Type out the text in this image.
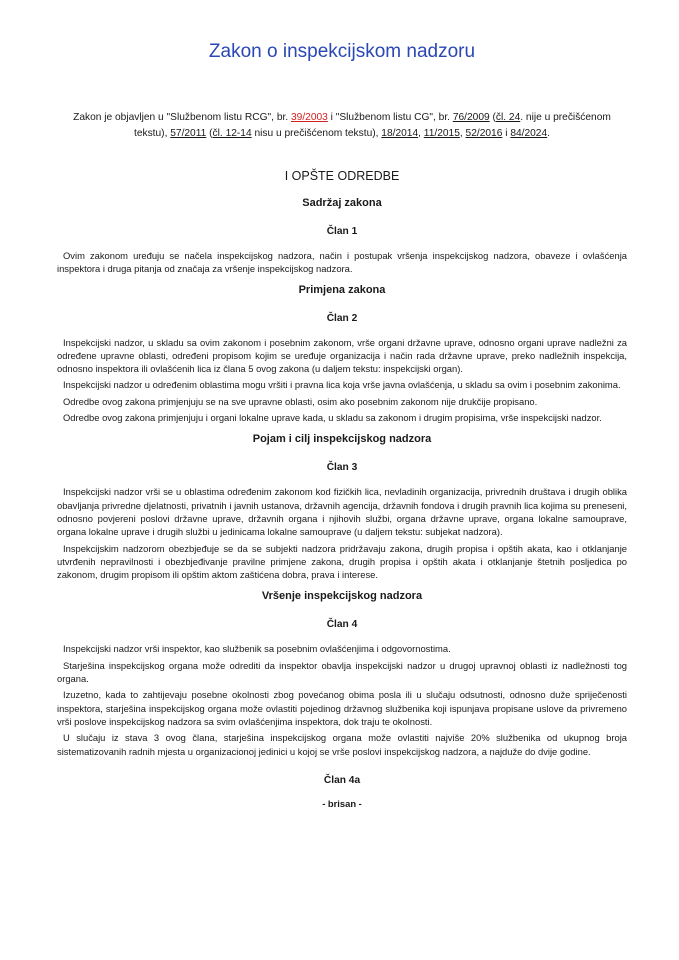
Zakon o inspekcijskom nadzoru

Zakon je objavljen u "Službenom listu RCG", br. 39/2003 i "Službenom listu CG", br. 76/2009 (čl. 24. nije u prečišćenom tekstu), 57/2011 (čl. 12-14 nisu u prečišćenom tekstu), 18/2014, 11/2015, 52/2016 i 84/2024.

I OPŠTE ODREDBE

Sadržaj zakona

Član 1

Ovim zakonom uređuju se načela inspekcijskog nadzora, način i postupak vršenja inspekcijskog nadzora, obaveze i ovlašćenja inspektora i druga pitanja od značaja za vršenje inspekcijskog nadzora.

Primjena zakona

Član 2

Inspekcijski nadzor, u skladu sa ovim zakonom i posebnim zakonom, vrše organi državne uprave, odnosno organi uprave nadležni za određene upravne oblasti, određeni propisom kojim se uređuje organizacija i način rada državne uprave, preko nadležnih inspekcija, odnosno inspektora ili ovlašćenih lica iz člana 5 ovog zakona (u daljem tekstu: inspekcijski organ).

Inspekcijski nadzor u određenim oblastima mogu vršiti i pravna lica koja vrše javna ovlašćenja, u skladu sa ovim i posebnim zakonima.

Odredbe ovog zakona primjenjuju se na sve upravne oblasti, osim ako posebnim zakonom nije drukčije propisano.

Odredbe ovog zakona primjenjuju i organi lokalne uprave kada, u skladu sa zakonom i drugim propisima, vrše inspekcijski nadzor.

Pojam i cilj inspekcijskog nadzora

Član 3

Inspekcijski nadzor vrši se u oblastima određenim zakonom kod fizičkih lica, nevladinih organizacija, privrednih društava i drugih oblika obavljanja privredne djelatnosti, privatnih i javnih ustanova, državnih agencija, državnih fondova i drugih pravnih lica kojima su preneseni, odnosno povjereni poslovi državne uprave, državnih organa i njihovih službi, organa državne uprave, organa lokalne samouprave, organa lokalne uprave i drugih službi u jedinicama lokalne samouprave (u daljem tekstu: subjekat nadzora).

Inspekcijskim nadzorom obezbjeđuje se da se subjekti nadzora pridržavaju zakona, drugih propisa i opštih akata, kao i otklanjanje utvrđenih nepravilnosti i obezbjeđivanje pravilne primjene zakona, drugih propisa i opštih akata i otklanjanje štetnih posljedica po zakonom, drugim propisom ili opštim aktom zaštićena dobra, prava i interese.

Vršenje inspekcijskog nadzora

Član 4

Inspekcijski nadzor vrši inspektor, kao službenik sa posebnim ovlašćenjima i odgovornostima.

Starješina inspekcijskog organa može odrediti da inspektor obavlja inspekcijski nadzor u drugoj upravnoj oblasti iz nadležnosti tog organa.

Izuzetno, kada to zahtijevaju posebne okolnosti zbog povećanog obima posla ili u slučaju odsutnosti, odnosno duže spriječenosti inspektora, starješina inspekcijskog organa može ovlastiti pojedinog državnog službenika koji ispunjava propisane uslove da privremeno vrši poslove inspekcijskog nadzora sa svim ovlašćenjima inspektora, dok traju te okolnosti.

U slučaju iz stava 3 ovog člana, starješina inspekcijskog organa može ovlastiti najviše 20% službenika od ukupnog broja sistematizovanih radnih mjesta u organizacionoj jedinici u kojoj se vrše poslovi inspekcijskog nadzora, a najduže do dvije godine.

Član 4a

- brisan -
